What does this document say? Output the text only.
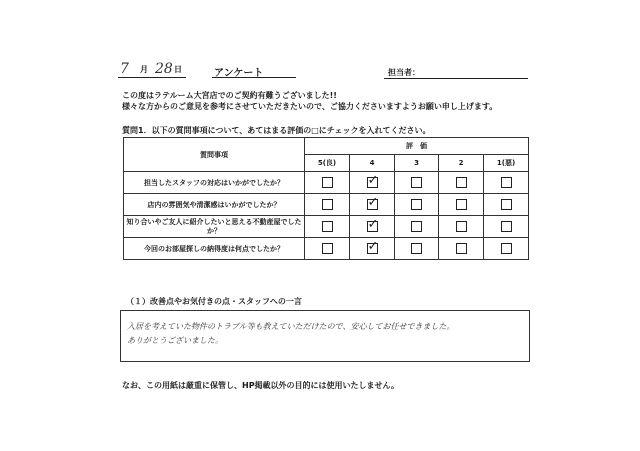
7 月 28 日	アンケート	担当者：
この度はラテルーム大宮店でのご契約有難うございました!!
様々な方からのご意見を参考にさせていただきたいので、ご協力くださいますようお願い申し上げます。
質問1．以下の質問事項について、あてはまる評価の□にチェックを入れてください。
質問事項	評　価				
	5(良)	4	3	2	1(悪)
担当したスタッフの対応はいかがでしたか？		✓			
店内の雰囲気や清潔感はいかがでしたか？		✓			
知り合いやご友人に紹介したいと思える不動産屋でしたか？		✓			
今回のお部屋探しの納得度は何点でしたか？		✓			
（１）改善点やお気付きの点・スタッフへの一言
入居を考えていた物件のトラブル等も教えていただけたので、安心してお任せできました。
ありがとうございました。
なお、この用紙は厳重に保管し、HP掲載以外の目的には使用いたしません。
